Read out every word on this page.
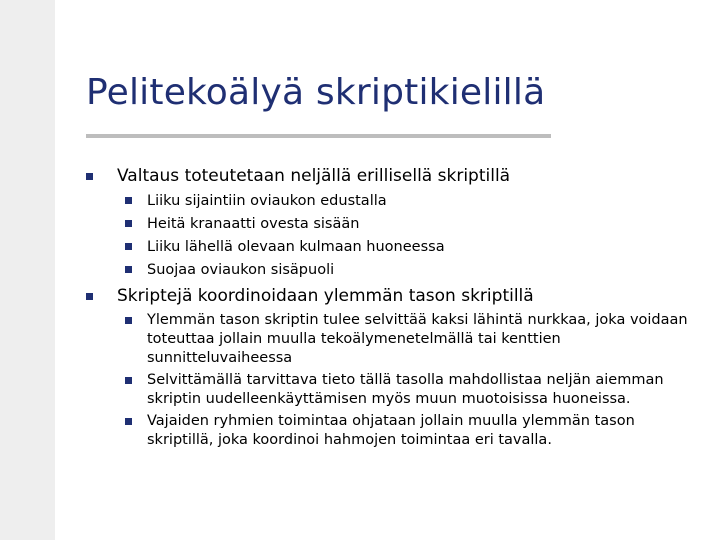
Pelitekoälyä skriptikielillä
Valtaus toteutetaan neljällä erillisellä skriptillä
Liiku sijaintiin oviaukon edustalla
Heitä kranaatti ovesta sisään
Liiku lähellä olevaan kulmaan huoneessa
Suojaa oviaukon sisäpuoli
Skriptejä koordinoidaan ylemmän tason skriptillä
Ylemmän tason skriptin tulee selvittää kaksi lähintä nurkkaa, joka voidaan toteuttaa jollain muulla tekoälymenetelmällä tai kenttien sunnitteluvaiheessa
Selvittämällä tarvittava tieto tällä tasolla mahdollistaa neljän aiemman skriptin uudelleenkäyttämisen myös muun muotoisissa huoneissa.
Vajaiden ryhmien toimintaa ohjataan jollain muulla ylemmän tason skriptillä, joka koordinoi hahmojen toimintaa eri tavalla.
